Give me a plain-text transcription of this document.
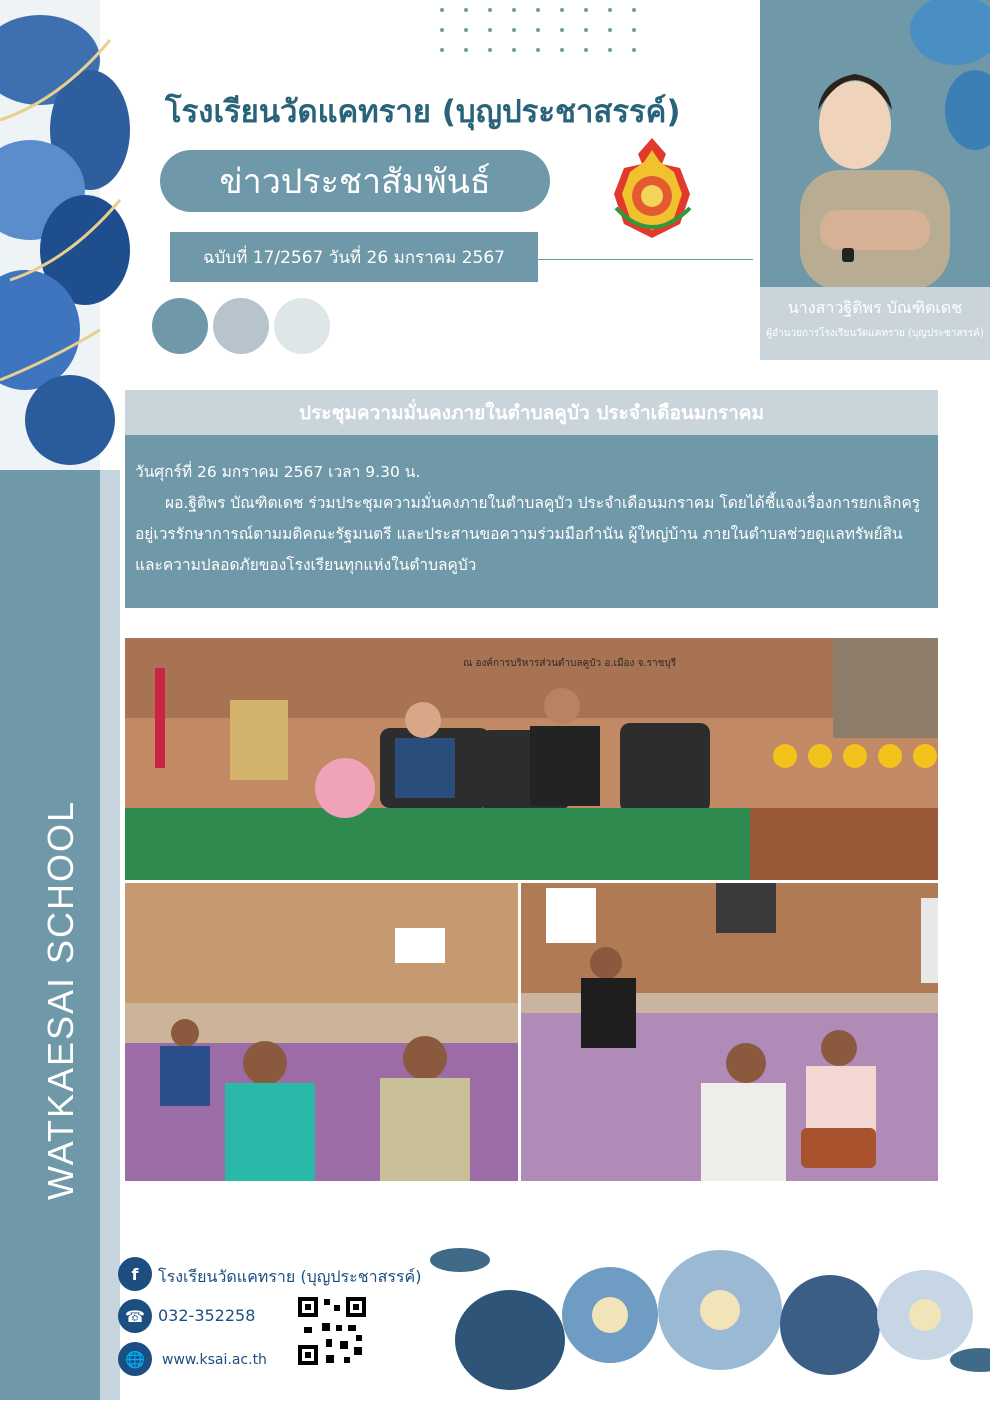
WATKAESAI SCHOOL
โรงเรียนวัดแคทราย (บุญประชาสรรค์)
ข่าวประชาสัมพันธ์
ฉบับที่ 17/2567 วันที่ 26 มกราคม 2567
นางสาวฐิติพร บัณฑิตเดช
ผู้อำนวยการโรงเรียนวัดแคทราย (บุญประชาสรรค์)
ประชุมความมั่นคงภายในตำบลคูบัว ประจำเดือนมกราคม
วันศุกร์ที่ 26 มกราคม 2567 เวลา 9.30 น.
ผอ.ฐิติพร บัณฑิตเดช ร่วมประชุมความมั่นคงภายในตำบลคูบัว ประจำเดือนมกราคม โดยได้ชี้แจงเรื่องการยกเลิกครูอยู่เวรรักษาการณ์ตามมติคณะรัฐมนตรี และประสานขอความร่วมมือกำนัน ผู้ใหญ่บ้าน ภายในตำบลช่วยดูแลทรัพย์สินและความปลอดภัยของโรงเรียนทุกแห่งในตำบลคูบัว
ณ องค์การบริหารส่วนตำบลคูบัว อ.เมือง จ.ราชบุรี
f	โรงเรียนวัดแคทราย (บุญประชาสรรค์)
☎ 032-352258
🌐	www.ksai.ac.th
